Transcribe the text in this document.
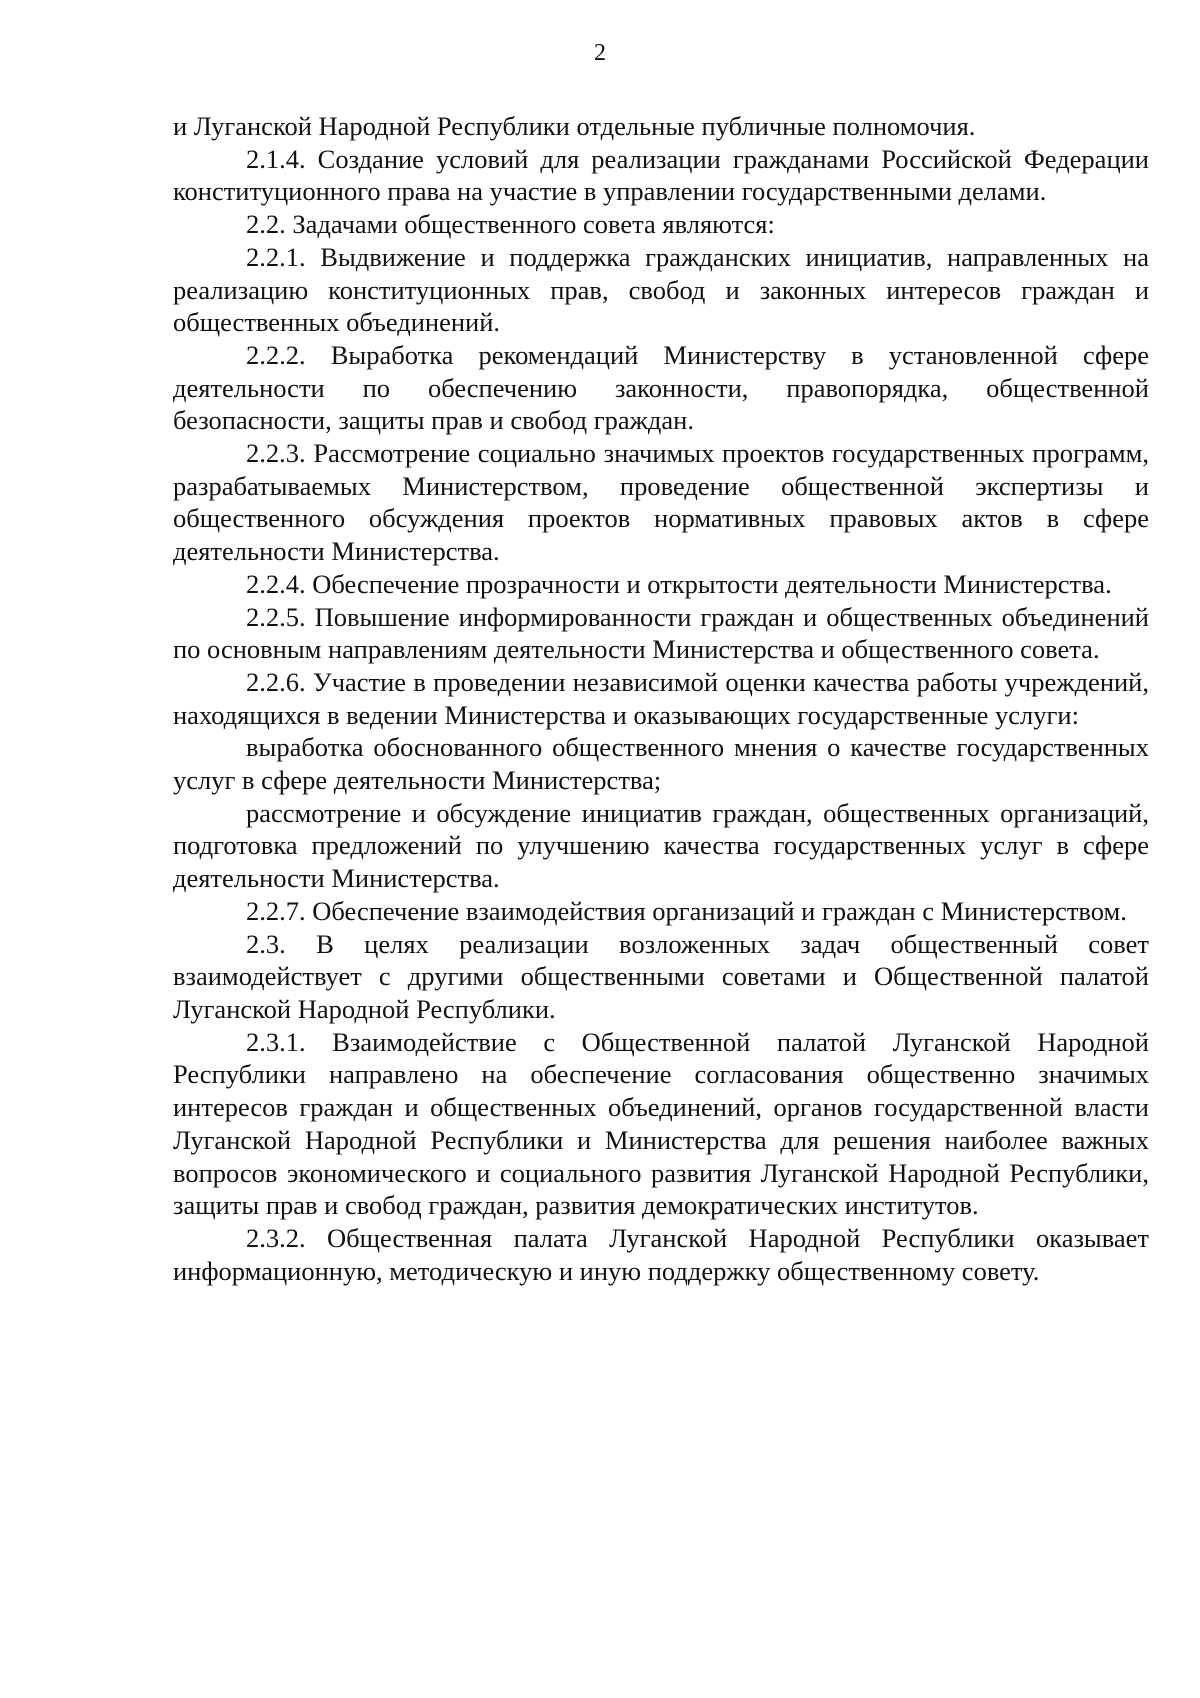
2

и Луганской Народной Республики отдельные публичные полномочия.

2.1.4. Создание условий для реализации гражданами Российской Федерации конституционного права на участие в управлении государственными делами.

2.2. Задачами общественного совета являются:

2.2.1. Выдвижение и поддержка гражданских инициатив, направленных на реализацию конституционных прав, свобод и законных интересов граждан и общественных объединений.

2.2.2. Выработка рекомендаций Министерству в установленной сфере деятельности по обеспечению законности, правопорядка, общественной безопасности, защиты прав и свобод граждан.

2.2.3. Рассмотрение социально значимых проектов государственных программ, разрабатываемых Министерством, проведение общественной экспертизы и общественного обсуждения проектов нормативных правовых актов в сфере деятельности Министерства.

2.2.4. Обеспечение прозрачности и открытости деятельности Министерства.

2.2.5. Повышение информированности граждан и общественных объединений по основным направлениям деятельности Министерства и общественного совета.

2.2.6. Участие в проведении независимой оценки качества работы учреждений, находящихся в ведении Министерства и оказывающих государственные услуги:

выработка обоснованного общественного мнения о качестве государственных услуг в сфере деятельности Министерства;

рассмотрение и обсуждение инициатив граждан, общественных организаций, подготовка предложений по улучшению качества государственных услуг в сфере деятельности Министерства.

2.2.7. Обеспечение взаимодействия организаций и граждан с Министерством.

2.3. В целях реализации возложенных задач общественный совет взаимодействует с другими общественными советами и Общественной палатой Луганской Народной Республики.

2.3.1. Взаимодействие с Общественной палатой Луганской Народной Республики направлено на обеспечение согласования общественно значимых интересов граждан и общественных объединений, органов государственной власти Луганской Народной Республики и Министерства для решения наиболее важных вопросов экономического и социального развития Луганской Народной Республики, защиты прав и свобод граждан, развития демократических институтов.

2.3.2. Общественная палата Луганской Народной Республики оказывает информационную, методическую и иную поддержку общественному совету.
